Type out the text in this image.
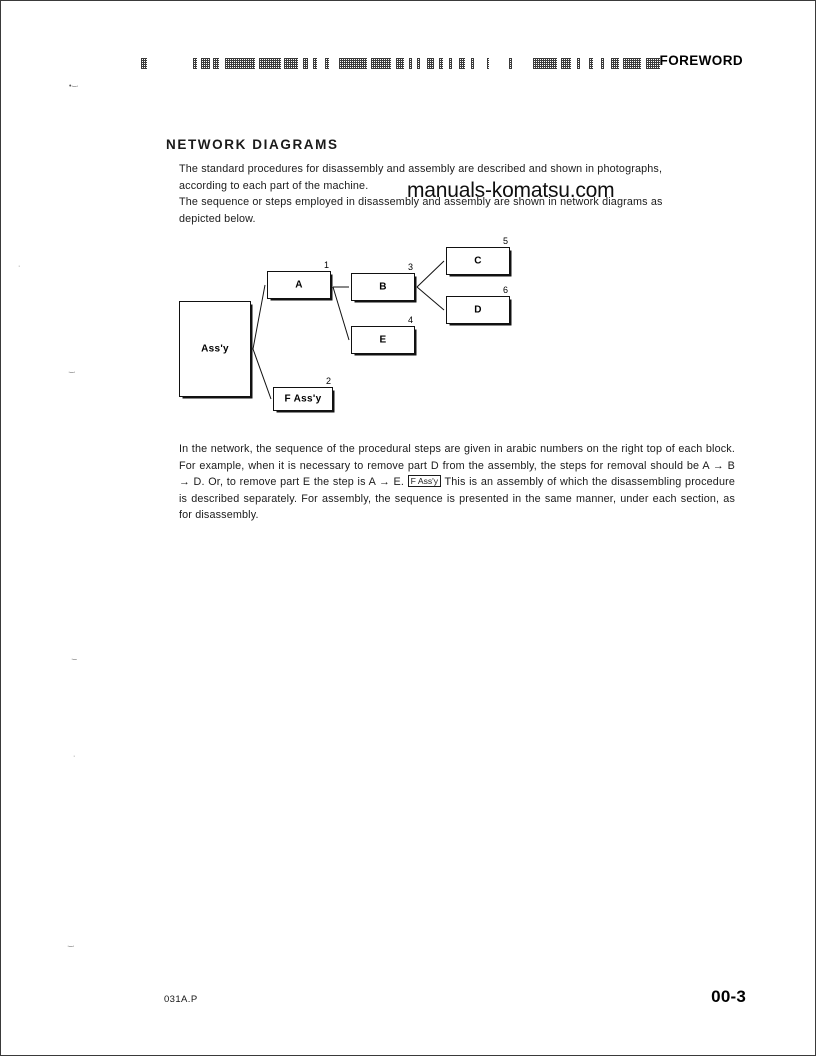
FOREWORD
NETWORK DIAGRAMS

The standard procedures for disassembly and assembly are described and shown in photographs,

according to each part of the machine.

The sequence or steps employed in disassembly and assembly are shown in network diagrams as

depicted below.

manuals-komatsu.com
Ass'y
A
1
F Ass'y
2
B
3
E
4
C
5
D
6
In the network, the sequence of the procedural steps are given in arabic numbers on the right top of each block. For example, when it is necessary to remove part D from the assembly, the steps for removal should be A → B → D. Or, to remove part E the step is A → E. F Ass'y This is an assembly of which the disassembling procedure is described separately. For assembly, the sequence is presented in the same manner, under each section, as for disassembly.
031A.P	00-3
•·–·
·
·–·
·–
·
·–·
